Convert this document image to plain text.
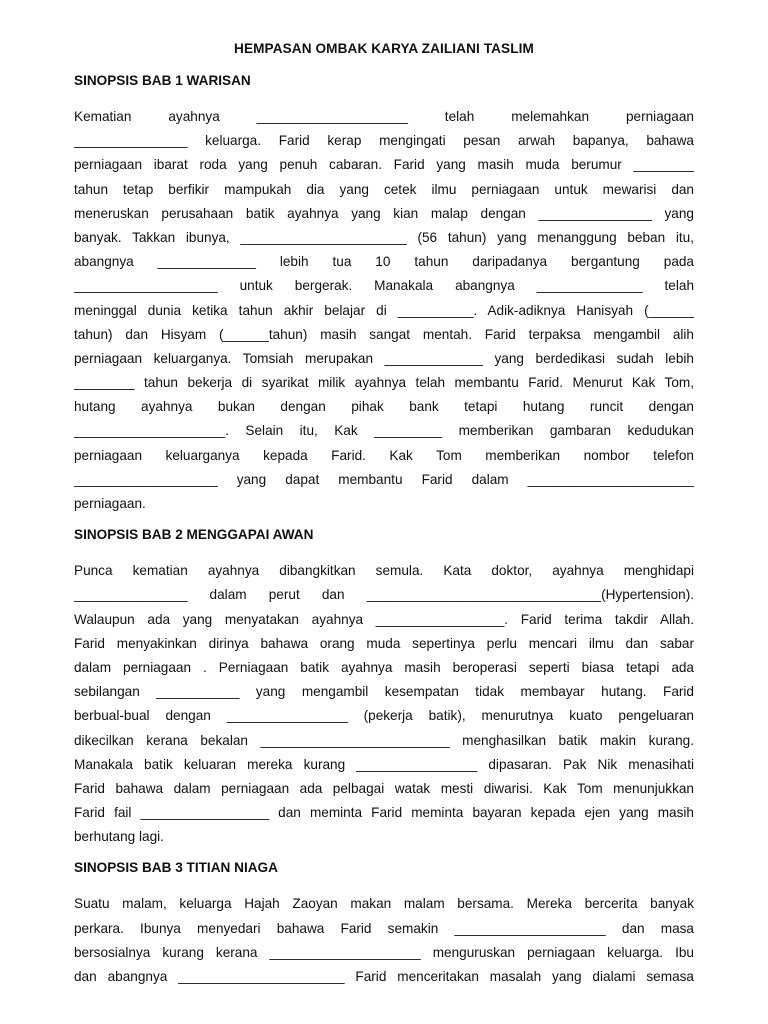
HEMPASAN OMBAK KARYA ZAILIANI TASLIM
SINOPSIS BAB 1 WARISAN
Kematian ayahnya ____________________ telah melemahkan perniagaan
_______________ keluarga. Farid kerap mengingati pesan arwah bapanya, bahawa
perniagaan ibarat roda yang penuh cabaran. Farid yang masih muda berumur ________
tahun tetap berfikir mampukah dia yang cetek ilmu perniagaan untuk mewarisi dan
meneruskan perusahaan batik ayahnya yang kian malap dengan _______________ yang
banyak. Takkan ibunya, ______________________ (56 tahun) yang menanggung beban itu,
abangnya _____________ lebih tua 10 tahun daripadanya bergantung pada
___________________ untuk bergerak. Manakala abangnya ______________ telah
meninggal dunia ketika tahun akhir belajar di __________. Adik-adiknya Hanisyah (______
tahun) dan Hisyam (______tahun) masih sangat mentah. Farid terpaksa mengambil alih
perniagaan keluarganya. Tomsiah merupakan _____________ yang berdedikasi sudah lebih
________ tahun bekerja di syarikat milik ayahnya telah membantu Farid. Menurut Kak Tom,
hutang ayahnya bukan dengan pihak bank tetapi hutang runcit dengan
____________________. Selain itu, Kak _________ memberikan gambaran kedudukan
perniagaan keluarganya kepada Farid. Kak Tom memberikan nombor telefon
___________________ yang dapat membantu Farid dalam ______________________
perniagaan.
SINOPSIS BAB 2 MENGGAPAI AWAN
Punca kematian ayahnya dibangkitkan semula. Kata doktor, ayahnya menghidapi
_______________ dalam perut dan _______________________________(Hypertension).
Walaupun ada yang menyatakan ayahnya _________________. Farid terima takdir Allah.
Farid menyakinkan dirinya bahawa orang muda sepertinya perlu mencari ilmu dan sabar
dalam perniagaan . Perniagaan batik ayahnya masih beroperasi seperti biasa tetapi ada
sebilangan ___________ yang mengambil kesempatan tidak membayar hutang. Farid
berbual-bual dengan ________________ (pekerja batik), menurutnya kuato pengeluaran
dikecilkan kerana bekalan _________________________ menghasilkan batik makin kurang.
Manakala batik keluaran mereka kurang ________________ dipasaran. Pak Nik menasihati
Farid bahawa dalam perniagaan ada pelbagai watak mesti diwarisi. Kak Tom menunjukkan
Farid fail _________________ dan meminta Farid meminta bayaran kepada ejen yang masih
berhutang lagi.
SINOPSIS BAB 3 TITIAN NIAGA
Suatu malam, keluarga Hajah Zaoyan makan malam bersama. Mereka bercerita banyak
perkara. Ibunya menyedari bahawa Farid semakin ____________________ dan masa
bersosialnya kurang kerana ____________________ menguruskan perniagaan keluarga. Ibu
dan abangnya ______________________ Farid menceritakan masalah yang dialami semasa
